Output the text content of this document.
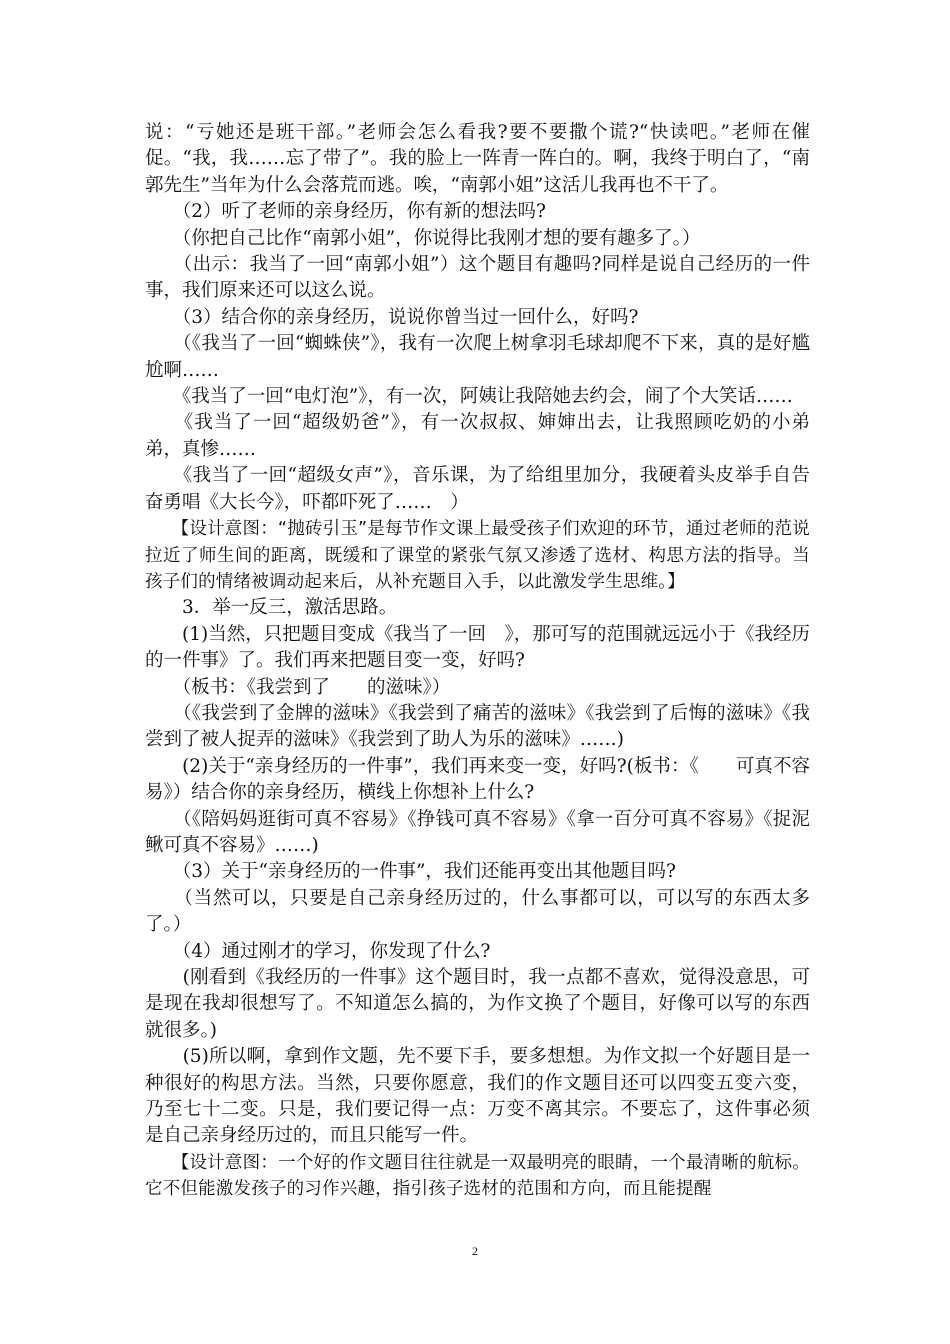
说：“亏她还是班干部。”老师会怎么看我?要不要撒个谎?“快读吧。”老师在催促。“我，我……忘了带了”。我的脸上一阵青一阵白的。啊，我终于明白了，“南郭先生”当年为什么会落荒而逃。唉，“南郭小姐”这活儿我再也不干了。

　　（2）听了老师的亲身经历，你有新的想法吗?

　　（你把自己比作“南郭小姐”，你说得比我刚才想的要有趣多了。）

　　（出示：我当了一回“南郭小姐”）这个题目有趣吗?同样是说自己经历的一件事，我们原来还可以这么说。

　　（3）结合你的亲身经历，说说你曾当过一回什么，好吗?

　　（《我当了一回“蜘蛛侠”》，我有一次爬上树拿羽毛球却爬不下来，真的是好尴尬啊……

　　《我当了一回“电灯泡”》，有一次，阿姨让我陪她去约会，闹了个大笑话……

　　《我当了一回“超级奶爸”》，有一次叔叔、婶婶出去，让我照顾吃奶的小弟弟，真惨……

　　《我当了一回“超级女声”》，音乐课，为了给组里加分，我硬着头皮举手自告奋勇唱《大长今》，吓都吓死了……　）

　　【设计意图：“抛砖引玉”是每节作文课上最受孩子们欢迎的环节，通过老师的范说拉近了师生间的距离，既缓和了课堂的紧张气氛又渗透了选材、构思方法的指导。当孩子们的情绪被调动起来后，从补充题目入手，以此激发学生思维。】

　　3．举一反三，激活思路。

　　(1)当然，只把题目变成《我当了一回　》，那可写的范围就远远小于《我经历的一件事》了。我们再来把题目变一变，好吗?

　　（板书：《我尝到了　　的滋味》）

　　（《我尝到了金牌的滋味》《我尝到了痛苦的滋味》《我尝到了后悔的滋味》《我尝到了被人捉弄的滋味》《我尝到了助人为乐的滋味》……)

　　(2)关于“亲身经历的一件事”，我们再来变一变，好吗?(板书：《　　可真不容易》）结合你的亲身经历，横线上你想补上什么?

　　（《陪妈妈逛街可真不容易》《挣钱可真不容易》《拿一百分可真不容易》《捉泥鳅可真不容易》……)

　　（3）关于“亲身经历的一件事”，我们还能再变出其他题目吗?

　　（当然可以，只要是自己亲身经历过的，什么事都可以，可以写的东西太多了。）

　　（4）通过刚才的学习，你发现了什么?

　　(刚看到《我经历的一件事》这个题目时，我一点都不喜欢，觉得没意思，可是现在我却很想写了。不知道怎么搞的，为作文换了个题目，好像可以写的东西就很多。)

　　(5)所以啊，拿到作文题，先不要下手，要多想想。为作文拟一个好题目是一种很好的构思方法。当然，只要你愿意，我们的作文题目还可以四变五变六变，乃至七十二变。只是，我们要记得一点：万变不离其宗。不要忘了，这件事必须是自己亲身经历过的，而且只能写一件。

　　【设计意图：一个好的作文题目往往就是一双最明亮的眼睛，一个最清晰的航标。它不但能激发孩子的习作兴趣，指引孩子选材的范围和方向，而且能提醒

2
